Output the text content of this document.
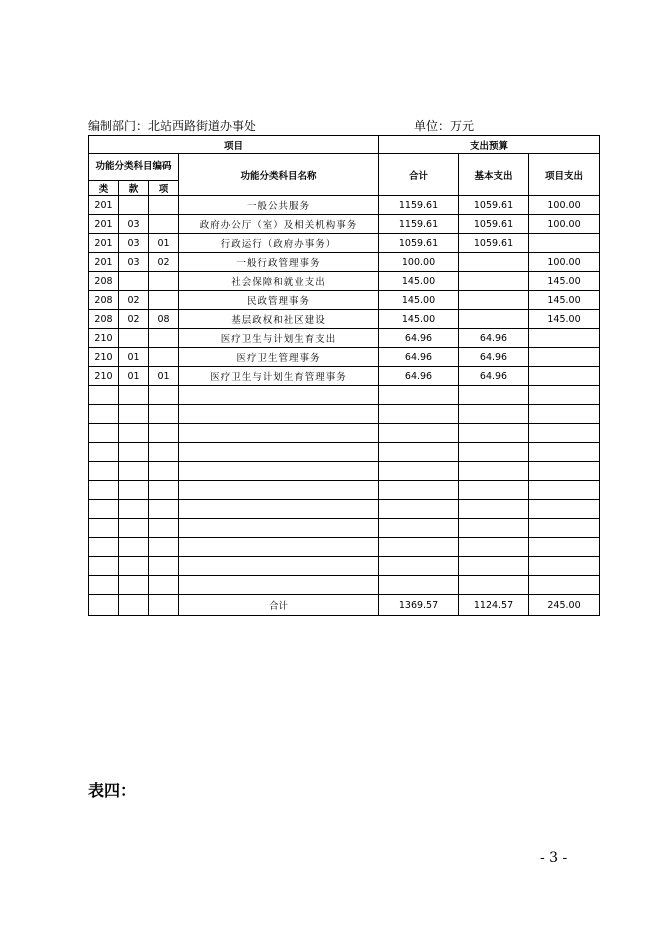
编制部门：北站西路街道办事处	单位：万元
项目				支出预算		
功能分类科目编码			功能分类科目名称	合计	基本支出	项目支出
类	款	项				
201			一般公共服务	1159.61	1059.61	100.00
201	03		政府办公厅（室）及相关机构事务	1159.61	1059.61	100.00
201	03	01	行政运行（政府办事务）	1059.61	1059.61	
201	03	02	一般行政管理事务	100.00		100.00
208			社会保障和就业支出	145.00		145.00
208	02		民政管理事务	145.00		145.00
208	02	08	基层政权和社区建设	145.00		145.00
210			医疗卫生与计划生育支出	64.96	64.96	
210	01		医疗卫生管理事务	64.96	64.96	
210	01	01	医疗卫生与计划生育管理事务	64.96	64.96	

			合计	1369.57	1124.57	245.00
表四：
- 3 -
